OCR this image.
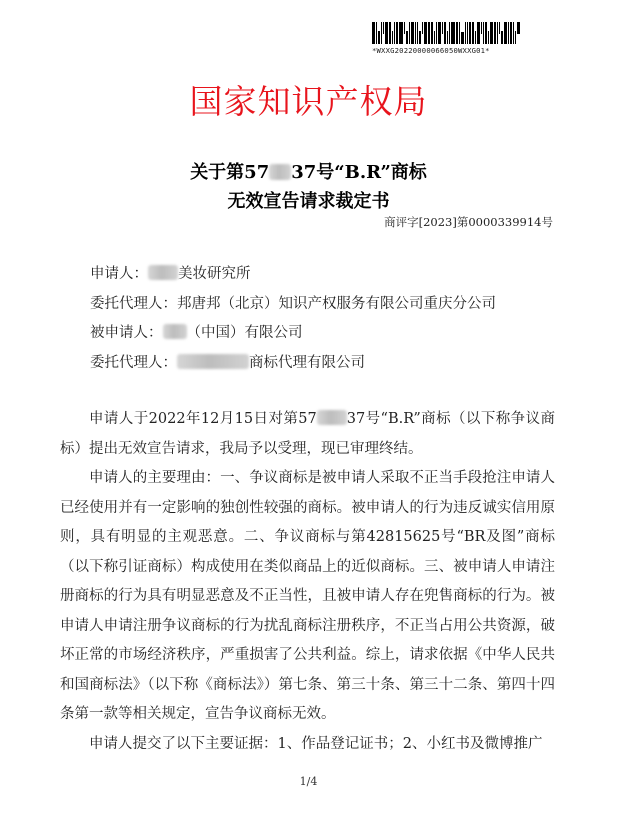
*WXXG20220000066050WXXG01*
国家知识产权局
关于第57 37号“B.R”商标
无效宣告请求裁定书
商评字[2023]第0000339914号
申请人： 美妆研究所
委托代理人：邦唐邦（北京）知识产权服务有限公司重庆分公司
被申请人： （中国）有限公司
委托代理人：	商标代理有限公司

申请人于2022年12月15日对第57 37号“B.R”商标（以下称争议商标）提出无效宣告请求，我局予以受理，现已审理终结。

申请人的主要理由：一、争议商标是被申请人采取不正当手段抢注申请人已经使用并有一定影响的独创性较强的商标。被申请人的行为违反诚实信用原则，具有明显的主观恶意。二、争议商标与第42815625号“BR及图”商标（以下称引证商标）构成使用在类似商品上的近似商标。三、被申请人申请注册商标的行为具有明显恶意及不正当性，且被申请人存在兜售商标的行为。被申请人申请注册争议商标的行为扰乱商标注册秩序，不正当占用公共资源，破坏正常的市场经济秩序，严重损害了公共利益。综上，请求依据《中华人民共和国商标法》（以下称《商标法》）第七条、第三十条、第三十二条、第四十四条第一款等相关规定，宣告争议商标无效。

申请人提交了以下主要证据：1、作品登记证书；2、小红书及微博推广

1/4
